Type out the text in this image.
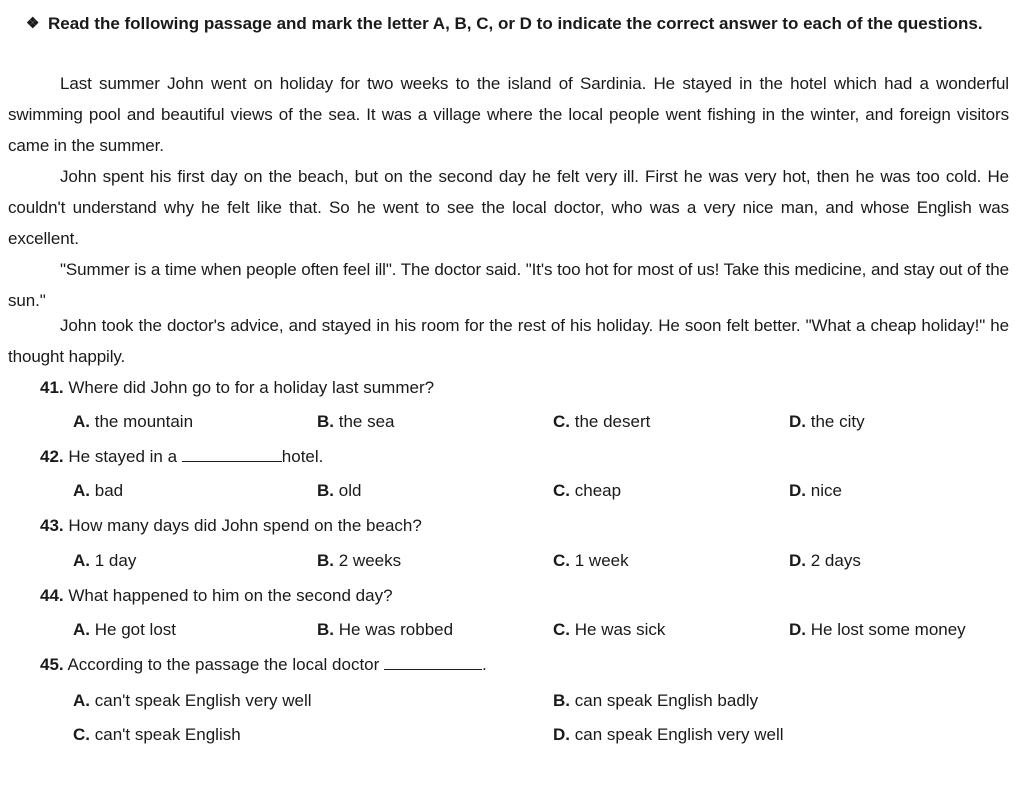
❖ Read the following passage and mark the letter A, B, C, or D to indicate the correct answer to each of the questions.

Last summer John went on holiday for two weeks to the island of Sardinia. He stayed in the hotel which had a wonderful swimming pool and beautiful views of the sea. It was a village where the local people went fishing in the winter, and foreign visitors came in the summer.

John spent his first day on the beach, but on the second day he felt very ill. First he was very hot, then he was too cold. He couldn't understand why he felt like that. So he went to see the local doctor, who was a very nice man, and whose English was excellent.

"Summer is a time when people often feel ill". The doctor said. "It's too hot for most of us! Take this medicine, and stay out of the sun."

John took the doctor's advice, and stayed in his room for the rest of his holiday. He soon felt better. "What a cheap holiday!" he thought happily.

41. Where did John go to for a holiday last summer?
A. the mountain	B. the sea	C. the desert	D. the city
42. He stayed in a	hotel.
A. bad	B. old	C. cheap	D. nice
43. How many days did John spend on the beach?
A. 1 day	B. 2 weeks	C. 1 week	D. 2 days
44. What happened to him on the second day?
A. He got lost	B. He was robbed	C. He was sick	D. He lost some money
45. According to the passage the local doctor	.
A. can't speak English very well	B. can speak English badly
C. can't speak English	D. can speak English very well
